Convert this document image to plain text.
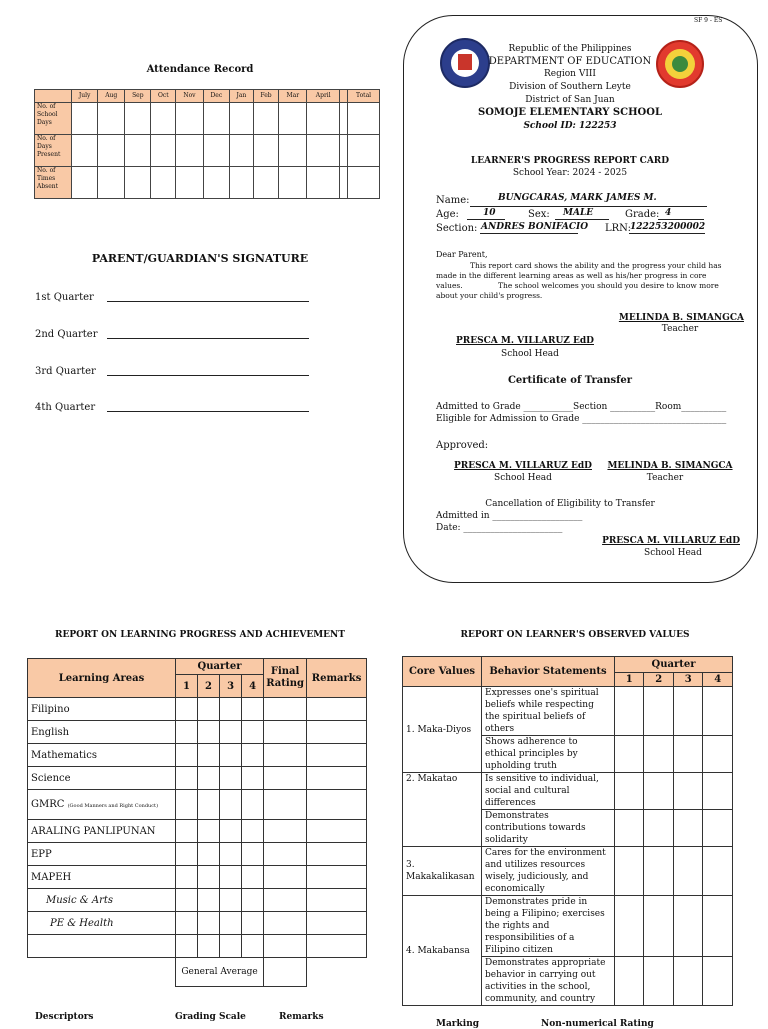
Attendance Record
	July	Aug	Sep	Oct	Nov	Dec	Jan	Feb	Mar	April		Total
No. of School Days												
No. of Days Present												
No. of Times Absent												
PARENT/GUARDIAN'S SIGNATURE
1st Quarter
2nd Quarter
3rd Quarter
4th Quarter
SF 9 - ES
Republic of the Philippines
DEPARTMENT OF EDUCATION
Region VIII
Division of Southern Leyte
District of San Juan
SOMOJE ELEMENTARY SCHOOL
School ID: 122253
LEARNER'S PROGRESS REPORT CARD
School Year: 2024 - 2025
Name:	BUNGCARAS, MARK JAMES M.
Age:	10	Sex: MALE	Grade: 4
Section: ANDRES BONIFACIO LRN: 122253200002
Dear Parent,
This report card shows the ability and the progress your child has made in the different learning areas as well as his/her progress in core values.	The school welcomes you should you desire to know more about your child's progress.
MELINDA B. SIMANGCA
Teacher
PRESCA M. VILLARUZ EdD
School Head
Certificate of Transfer
Admitted to Grade ___________Section __________Room__________
Eligible for Admission to Grade ________________________________
Approved:
PRESCA M. VILLARUZ EdD
School Head
MELINDA B. SIMANGCA
Teacher
Cancellation of Eligibility to Transfer
Admitted in ____________________
Date: ______________________
PRESCA M. VILLARUZ EdD
School Head
REPORT ON LEARNING PROGRESS AND ACHIEVEMENT
Learning Areas	Quarter				Final Rating	Remarks
	1	2	3	4		
Filipino						
English						
Mathematics						
Science						
GMRC (Good Manners and Right Conduct)						
ARALING PANLIPUNAN						
EPP						
MAPEH						
Music & Arts						
PE & Health						

	General Average					
REPORT ON LEARNER'S OBSERVED VALUES
Core Values	Behavior Statements	Quarter			
		1	2	3	4
1. Maka-Diyos	Expresses one's spiritual beliefs while respecting the spiritual beliefs of others				
	Shows adherence to ethical principles by upholding truth				
2. Makatao	Is sensitive to individual, social and cultural differences				
	Demonstrates contributions towards solidarity				
3. Makakalikasan	Cares for the environment and utilizes resources wisely, judiciously, and economically				
4. Makabansa	Demonstrates pride in being a Filipino; exercises the rights and responsibilities of a Filipino citizen				
	Demonstrates appropriate behavior in carrying out activities in the school, community, and country				
Descriptors	Grading Scale	Remarks
Marking	Non-numerical Rating
